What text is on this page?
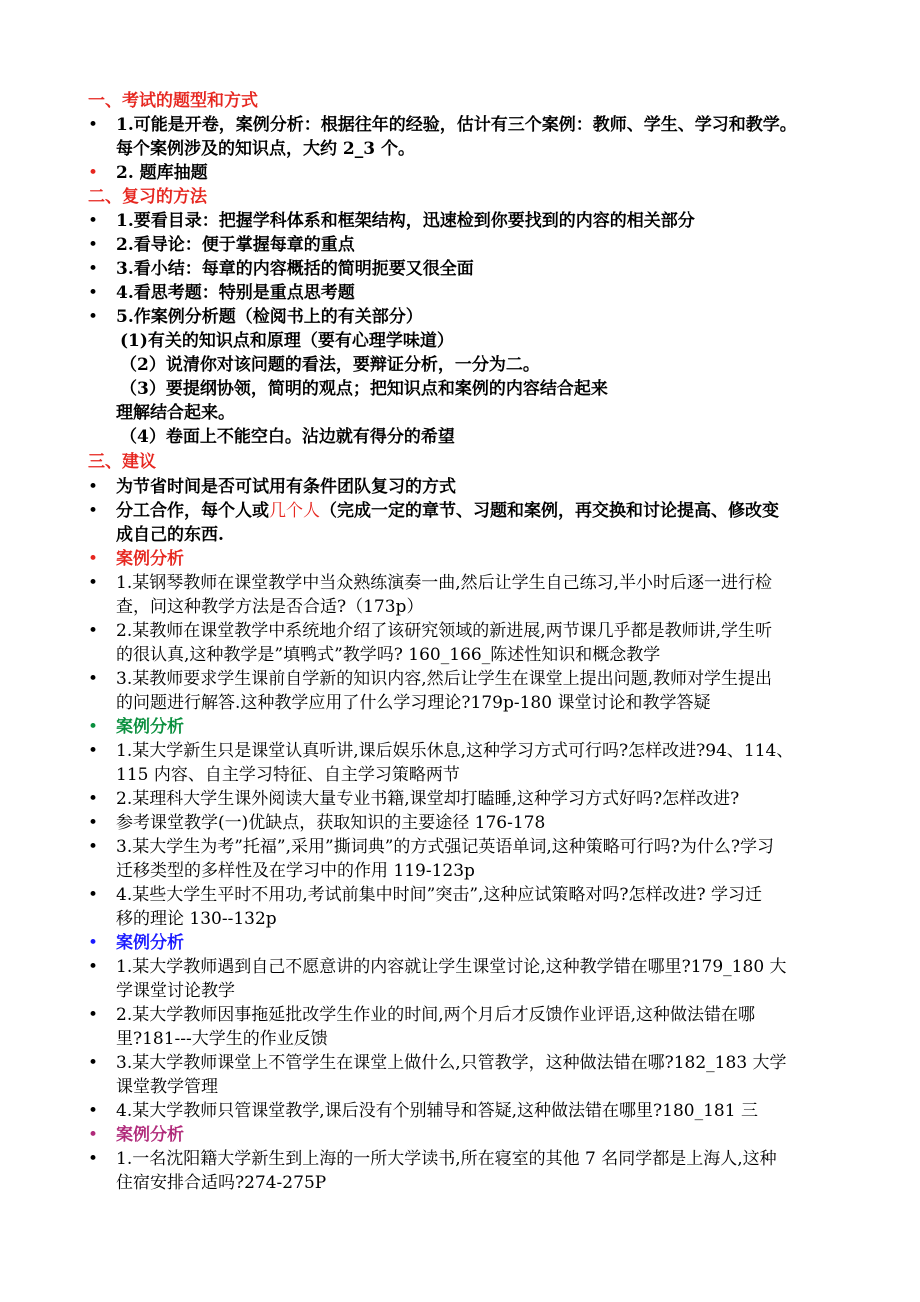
一、考试的题型和方式
• 1.可能是开卷，案例分析：根据往年的经验，估计有三个案例：教师、学生、学习和教学。
每个案例涉及的知识点，大约 2_3 个。
• 2. 题库抽题
二、复习的方法
• 1.要看目录：把握学科体系和框架结构，迅速检到你要找到的内容的相关部分
• 2.看导论：便于掌握每章的重点
• 3.看小结：每章的内容概括的简明扼要又很全面
• 4.看思考题：特别是重点思考题
• 5.作案例分析题（检阅书上的有关部分）
(1)有关的知识点和原理（要有心理学味道）
（2）说清你对该问题的看法，要辩证分析，一分为二。
（3）要提纲协领，简明的观点；把知识点和案例的内容结合起来
理解结合起来。
（4）卷面上不能空白。沾边就有得分的希望
三、建议
• 为节省时间是否可试用有条件团队复习的方式
• 分工合作，每个人或几个人（完成一定的章节、习题和案例，再交换和讨论提高、修改变
成自己的东西.
• 案例分析
• 1.某钢琴教师在课堂教学中当众熟练演奏一曲,然后让学生自己练习,半小时后逐一进行检
查，问这种教学方法是否合适?（173p）
• 2.某教师在课堂教学中系统地介绍了该研究领域的新进展,两节课几乎都是教师讲,学生听
的很认真,这种教学是”填鸭式”教学吗? 160_166_陈述性知识和概念教学
• 3.某教师要求学生课前自学新的知识内容,然后让学生在课堂上提出问题,教师对学生提出
的问题进行解答.这种教学应用了什么学习理论?179p-180 课堂讨论和教学答疑
• 案例分析
• 1.某大学新生只是课堂认真听讲,课后娱乐休息,这种学习方式可行吗?怎样改进?94、114、
115 内容、自主学习特征、自主学习策略两节
• 2.某理科大学生课外阅读大量专业书籍,课堂却打瞌睡,这种学习方式好吗?怎样改进?
• 参考课堂教学(一)优缺点，获取知识的主要途径 176-178
• 3.某大学生为考”托福”,采用”撕词典”的方式强记英语单词,这种策略可行吗?为什么?学习
迁移类型的多样性及在学习中的作用 119-123p
• 4.某些大学生平时不用功,考试前集中时间”突击”,这种应试策略对吗?怎样改进? 学习迁
移的理论 130--132p
• 案例分析
• 1.某大学教师遇到自己不愿意讲的内容就让学生课堂讨论,这种教学错在哪里?179_180 大
学课堂讨论教学
• 2.某大学教师因事拖延批改学生作业的时间,两个月后才反馈作业评语,这种做法错在哪
里?181---大学生的作业反馈
• 3.某大学教师课堂上不管学生在课堂上做什么,只管教学，这种做法错在哪?182_183 大学
课堂教学管理
• 4.某大学教师只管课堂教学,课后没有个别辅导和答疑,这种做法错在哪里?180_181 三
• 案例分析
• 1.一名沈阳籍大学新生到上海的一所大学读书,所在寝室的其他 7 名同学都是上海人,这种
住宿安排合适吗?274-275P
